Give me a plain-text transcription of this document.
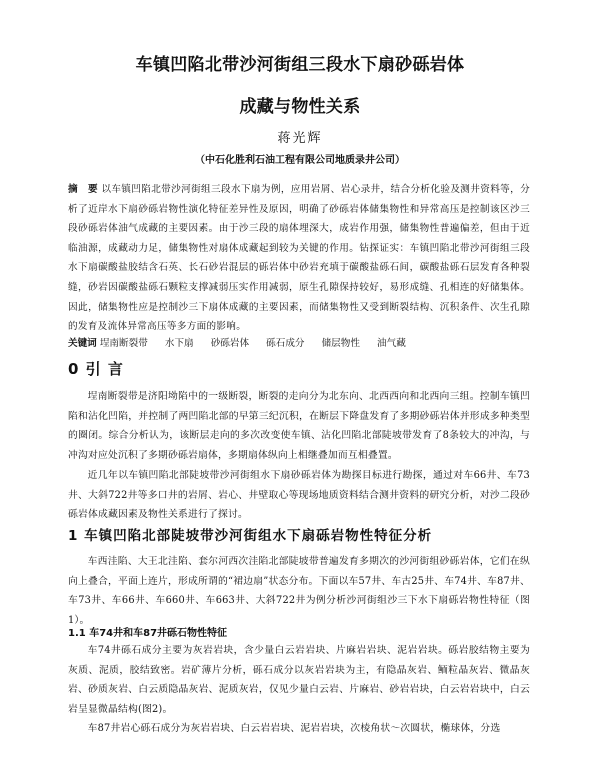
车镇凹陷北带沙河街组三段水下扇砂砾岩体
成藏与物性关系
蒋光辉
（中石化胜利石油工程有限公司地质录井公司）
摘　要 以车镇凹陷北带沙河街组三段水下扇为例，应用岩屑、岩心录井，结合分析化验及测井资料等，分析了近岸水下扇砂砾岩物性演化特征差异性及原因，明确了砂砾岩体储集物性和异常高压是控制该区沙三段砂砾岩体油气成藏的主要因素。由于沙三段的扇体埋深大，成岩作用强，储集物性普遍偏差，但由于近临油源，成藏动力足，储集物性对扇体成藏起到较为关键的作用。钻探证实：车镇凹陷北带沙河街组三段水下扇碳酸盐胶结含石英、长石砂岩混层的砾岩体中砂岩充填于碳酸盐砾石间，碳酸盐砾石层发育各种裂缝，砂岩因碳酸盐砾石颗粒支撑减弱压实作用减弱，原生孔隙保持较好，易形成缝、孔相连的好储集体。因此，储集物性应是控制沙三下扇体成藏的主要因素，而储集物性又受到断裂结构、沉积条件、次生孔隙的发育及流体异常高压等多方面的影响。
关键词 埕南断裂带 水下扇 砂砾岩体 砾石成分 储层物性 油气藏
0 引 言
埕南断裂带是济阳坳陷中的一级断裂，断裂的走向分为北东向、北西西向和北西向三组。控制车镇凹陷和沾化凹陷，并控制了两凹陷北部的早第三纪沉积，在断层下降盘发育了多期砂砾岩体并形成多种类型的圈闭。综合分析认为，该断层走向的多次改变使车镇、沾化凹陷北部陡坡带发育了8条较大的冲沟，与冲沟对应处沉积了多期砂砾岩扇体，多期扇体纵向上相继叠加而互相叠置。
近几年以车镇凹陷北部陡坡带沙河街组水下扇砂砾岩体为勘探目标进行勘探，通过对车66井、车73井、大斜722井等多口井的岩屑、岩心、井壁取心等现场地质资料结合测井资料的研究分析，对沙二段砂砾岩体成藏因素及物性关系进行了探讨。
1 车镇凹陷北部陡坡带沙河街组水下扇砾岩物性特征分析
车西洼陷、大王北洼陷、套尔河西次洼陷北部陡坡带普遍发育多期次的沙河街组砂砾岩体，它们在纵向上叠合，平面上连片，形成所谓的“裙边扇”状态分布。下面以车57井、车古25井、车74井、车87井、车73井、车66井、车660井、车663井、大斜722井为例分析沙河街组沙三下水下扇砾岩物性特征（图1）。
1.1 车74井和车87井砾石物性特征
车74井砾石成分主要为灰岩岩块，含少量白云岩岩块、片麻岩岩块、泥岩岩块。砾岩胶结物主要为灰质、泥质，胶结致密。岩矿薄片分析，砾石成分以灰岩岩块为主，有隐晶灰岩、鲕粒晶灰岩、微晶灰岩、砂质灰岩、白云质隐晶灰岩、泥质灰岩，仅见少量白云岩、片麻岩、砂岩岩块，白云岩岩块中，白云岩呈显微晶结构(图2)。
车87井岩心砾石成分为灰岩岩块、白云岩岩块、泥岩岩块，次棱角状～次圆状，椭球体，分选
